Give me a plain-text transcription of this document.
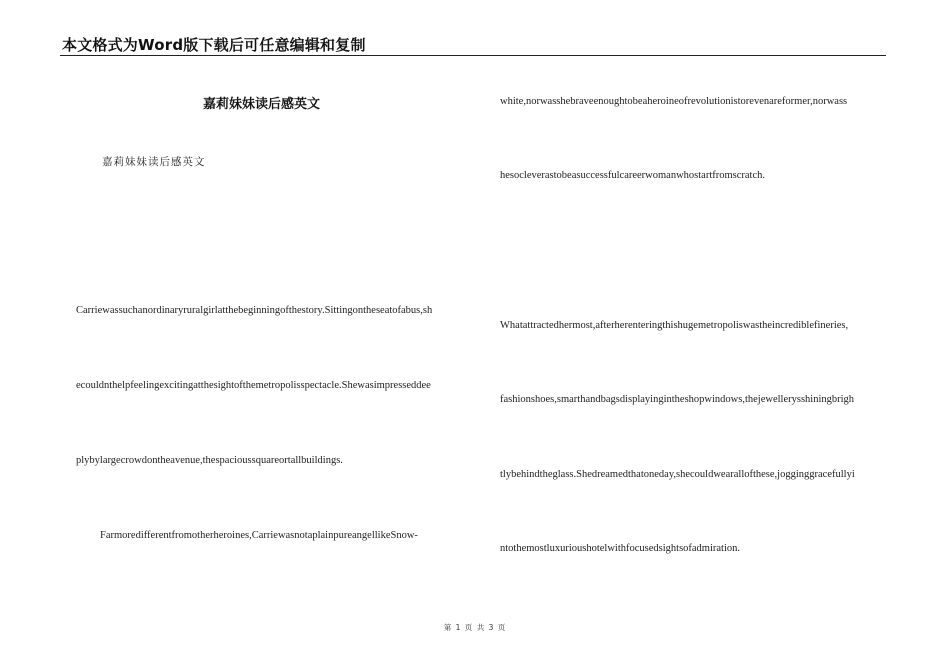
本文格式为Word版下载后可任意编辑和复制
嘉莉妹妹读后感英文
嘉莉妹妹读后感英文
Carriewassuchanordinaryruralgirlatthebeginningofthestory.Sittingontheseatofabus,sh
ecouldnthelpfeelingexcitingatthesightofthemetropolisspectacle.Shewasimpresseddee
plybylargecrowdontheavenue,thespacioussquareortallbuildings.
Farmoredifferentfromotherheroines,CarriewasnotaplainpureangellikeSnow-
white,norwasshebraveenoughtobeaheroineofrevolutionistorevenareformer,norwass
hesocleverastobeasuccessfulcareerwomanwhostartfromscratch.
Whatattractedhermost,afterherenteringthishugemetropoliswastheincrediblefineries,
fashionshoes,smarthandbagsdisplayingintheshopwindows,thejewellerysshiningbrigh
tlybehindtheglass.Shedreamedthatoneday,shecouldwearallofthese,jogginggracefullyi
ntothemostluxurioushotelwithfocusedsightsofadmiration.
第 1 页 共 3 页
